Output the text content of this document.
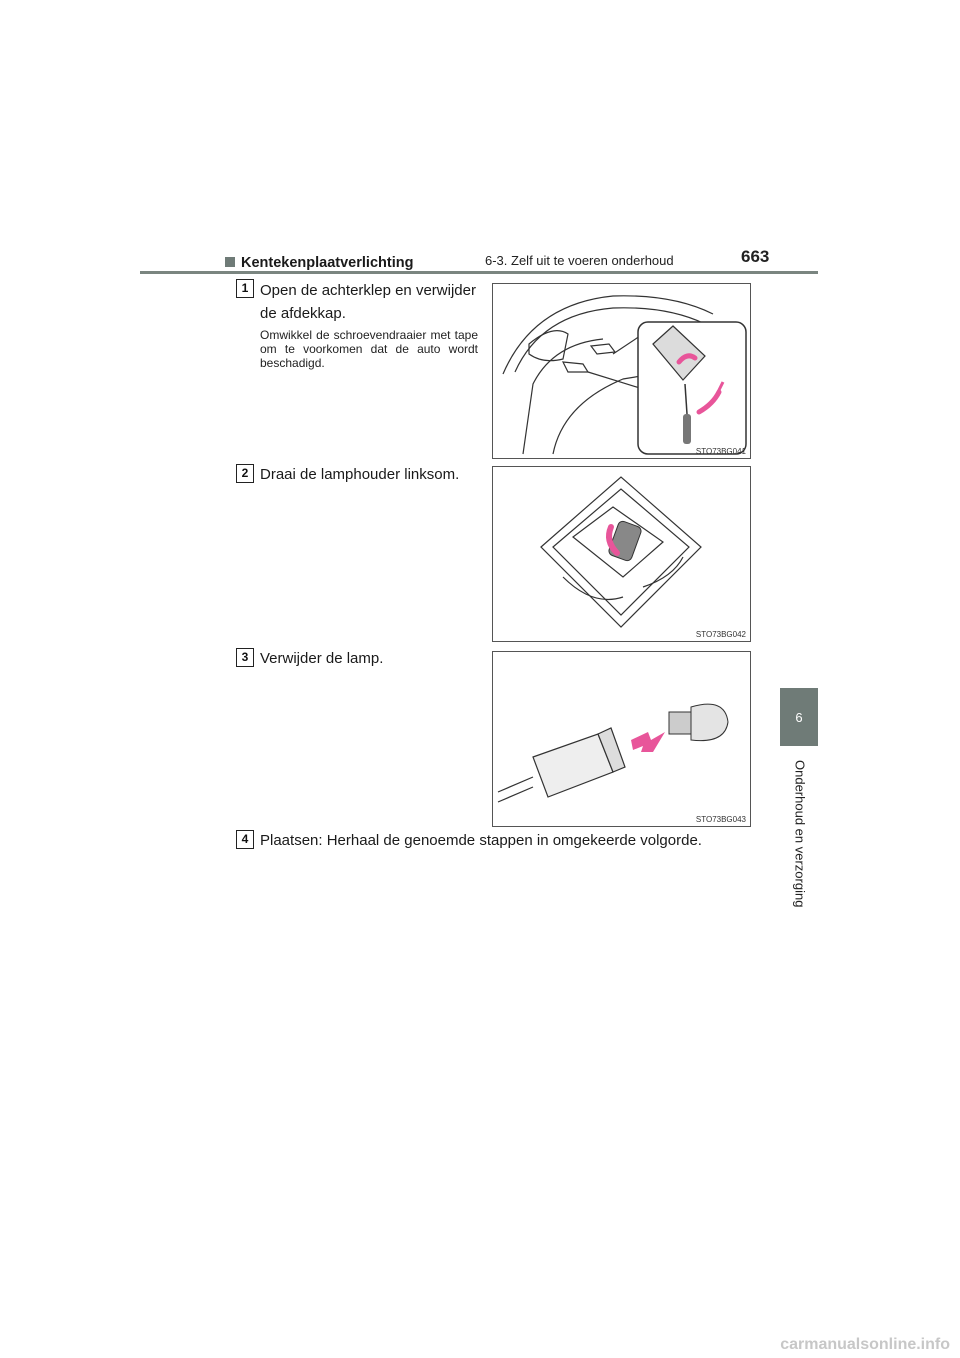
6-3. Zelf uit te voeren onderhoud	663
6
Onderhoud en verzorging
Kentekenplaatverlichting
1 Open de achterklep en verwijder
de afdekkap.
Omwikkel de schroevendraaier met tape om te voorkomen dat de auto wordt beschadigd.
STO73BG041
2 Draai de lamphouder linksom.
STO73BG042
3 Verwijder de lamp.
STO73BG043
4 Plaatsen: Herhaal de genoemde stappen in omgekeerde volgorde.
carmanualsonline.info
